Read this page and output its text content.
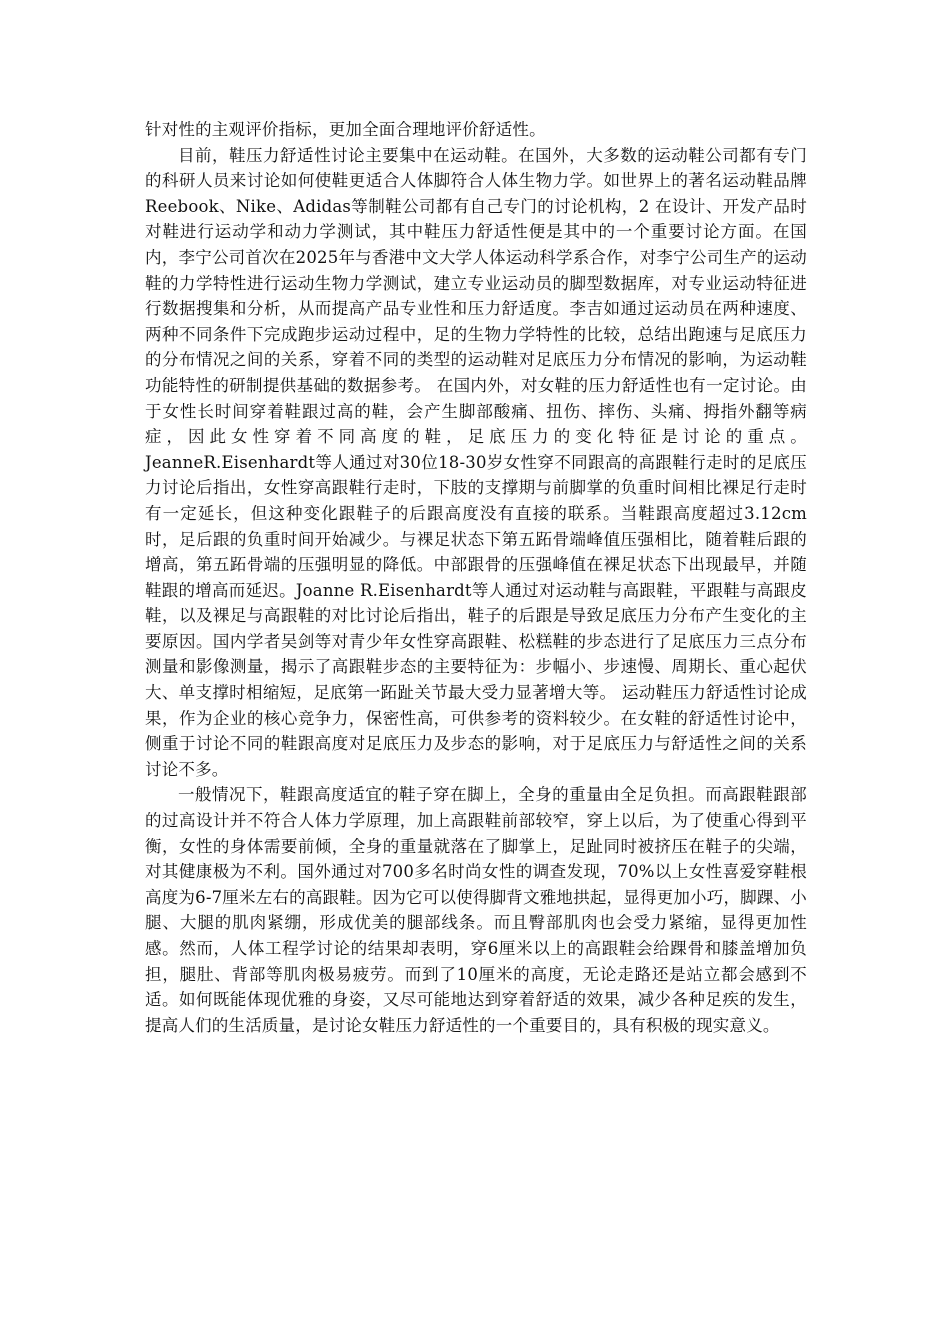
针对性的主观评价指标，更加全面合理地评价舒适性。

目前，鞋压力舒适性讨论主要集中在运动鞋。在国外，大多数的运动鞋公司都有专门的科研人员来讨论如何使鞋更适合人体脚符合人体生物力学。如世界上的著名运动鞋品牌Reebook、Nike、Adidas等制鞋公司都有自己专门的讨论机构，2 在设计、开发产品时对鞋进行运动学和动力学测试，其中鞋压力舒适性便是其中的一个重要讨论方面。在国内，李宁公司首次在2025年与香港中文大学人体运动科学系合作，对李宁公司生产的运动鞋的力学特性进行运动生物力学测试，建立专业运动员的脚型数据库，对专业运动特征进行数据搜集和分析，从而提高产品专业性和压力舒适度。李吉如通过运动员在两种速度、两种不同条件下完成跑步运动过程中，足的生物力学特性的比较，总结出跑速与足底压力的分布情况之间的关系，穿着不同的类型的运动鞋对足底压力分布情况的影响，为运动鞋功能特性的研制提供基础的数据参考。 在国内外，对女鞋的压力舒适性也有一定讨论。由于女性长时间穿着鞋跟过高的鞋，会产生脚部酸痛、扭伤、摔伤、头痛、拇指外翻等病症，因此女性穿着不同高度的鞋，足底压力的变化特征是讨论的重点。JeanneR.Eisenhardt等人通过对30位18-30岁女性穿不同跟高的高跟鞋行走时的足底压力讨论后指出，女性穿高跟鞋行走时，下肢的支撑期与前脚掌的负重时间相比裸足行走时有一定延长，但这种变化跟鞋子的后跟高度没有直接的联系。当鞋跟高度超过3.12cm时，足后跟的负重时间开始减少。与裸足状态下第五跖骨端峰值压强相比，随着鞋后跟的增高，第五跖骨端的压强明显的降低。中部跟骨的压强峰值在裸足状态下出现最早，并随鞋跟的增高而延迟。Joanne R.Eisenhardt等人通过对运动鞋与高跟鞋，平跟鞋与高跟皮鞋，以及裸足与高跟鞋的对比讨论后指出，鞋子的后跟是导致足底压力分布产生变化的主要原因。国内学者吴剑等对青少年女性穿高跟鞋、松糕鞋的步态进行了足底压力三点分布测量和影像测量，揭示了高跟鞋步态的主要特征为：步幅小、步速慢、周期长、重心起伏大、单支撑时相缩短，足底第一跖趾关节最大受力显著增大等。 运动鞋压力舒适性讨论成果，作为企业的核心竞争力，保密性高，可供参考的资料较少。在女鞋的舒适性讨论中，侧重于讨论不同的鞋跟高度对足底压力及步态的影响，对于足底压力与舒适性之间的关系讨论不多。

一般情况下，鞋跟高度适宜的鞋子穿在脚上，全身的重量由全足负担。而高跟鞋跟部的过高设计并不符合人体力学原理，加上高跟鞋前部较窄，穿上以后，为了使重心得到平衡，女性的身体需要前倾，全身的重量就落在了脚掌上，足趾同时被挤压在鞋子的尖端，对其健康极为不利。国外通过对700多名时尚女性的调查发现，70%以上女性喜爱穿鞋根高度为6-7厘米左右的高跟鞋。因为它可以使得脚背文雅地拱起，显得更加小巧，脚踝、小腿、大腿的肌肉紧绷，形成优美的腿部线条。而且臀部肌肉也会受力紧缩，显得更加性感。然而，人体工程学讨论的结果却表明，穿6厘米以上的高跟鞋会给踝骨和膝盖增加负担，腿肚、背部等肌肉极易疲劳。而到了10厘米的高度，无论走路还是站立都会感到不适。如何既能体现优雅的身姿，又尽可能地达到穿着舒适的效果，减少各种足疾的发生，提高人们的生活质量，是讨论女鞋压力舒适性的一个重要目的，具有积极的现实意义。
